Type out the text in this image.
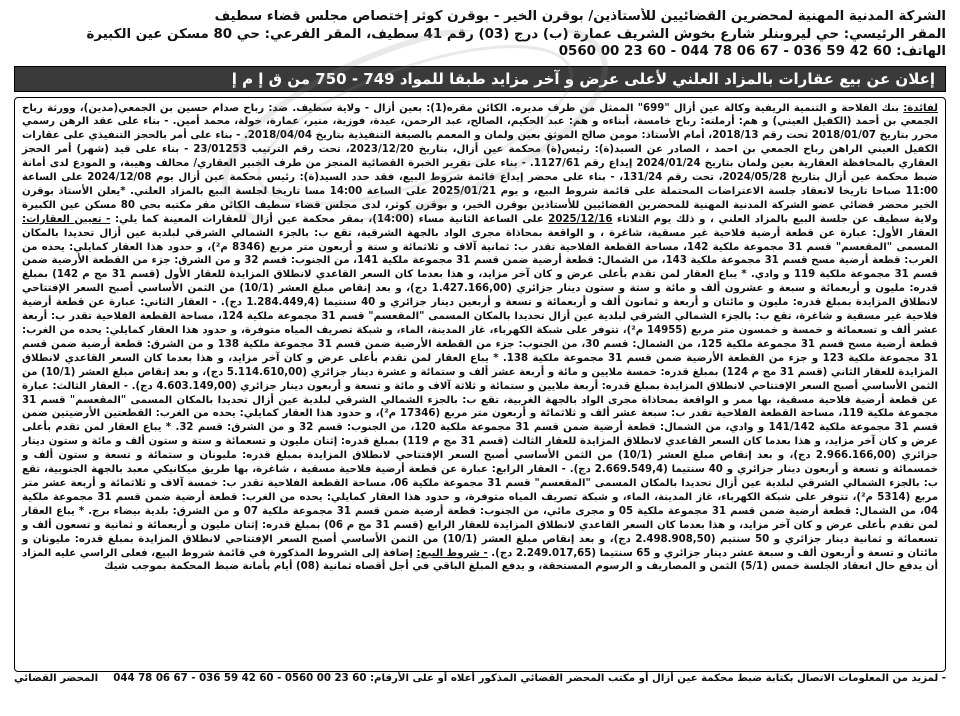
الشركة المدنية المهنية لمحضرين القضائيين للأستاذين/ بوقرن الخير - بوقرن كوثر إختصاص مجلس قضاء سطيف
المقر الرئيسي: حي ليروبنلر شارع بخوش الشريف عمارة (ب) درج (03) رقم 41 سطيف، المقر الفرعي: حي 80 مسكن عين الكبيرة
الهاتف: 60 42 59 036 - 67 06 78 044 - 60 23 00 0560
إعلان عن بيع عقارات بالمزاد العلني لأعلى عرض و آخر مزايد طبقا للمواد 749 - 750 من ق إ م إ
لفائدة: بنك الفلاحة و التنمية الريفية وكالة عين أزال "699" الممثل من طرف مديره. الكائن مقره(1): بعين أزال - ولاية سطيف. ضد: رباح صدام حسين بن الجمعي(مدين)، وورثة رباح الجمعي بن أحمد (الكفيل العيني) و هم: أرملته: رباح خامسة، أبناءه و هم: عبد الحكيم، الصالح، عبد الرحمن، عيدة، فوزية، منير، عمارة، خولة، محمد أمين. - بناء على عقد الرهن رسمي محرر بتاريخ 2018/01/07 تحت رقم 2018/13، أمام الأستاذ: مومن صالح الموثق بعين ولمان و المعمم بالصيغة التنفيذية بتاريخ 2018/04/04. - بناء على أمر بالحجز التنفيذي على عقارات الكفيل العيني الراهن رباح الجمعي بن احمد ، الصادر عن السيد(ة): رئيس(ة) محكمة عين أزال، بتاريخ 2023/12/20، تحت رقم الترتيب 23/01253 - بناء على قيد (شهر) أمر الحجز العقاري بالمحافظة العقارية بعين ولمان بتاريخ 2024/01/24 إيداع رقم 1127/61. - بناء على تقرير الخبرة القضائية المنجز من طرف الخبير العقاري/ محالف وهيبة، و المودع لدى أمانة ضبط محكمة عين أزال بتاريخ 2024/05/28، تحت رقم 131/24، - بناء على محضر إيداع قائمة شروط البيع، فقد حدد السيد(ة): رئيس محكمة عين أزال يوم 2024/12/08 على الساعة 11:00 صباحا تاريخا لانعقاد جلسة الاعتراضات المحتملة على قائمة شروط البيع، و يوم 2025/01/21 على الساعة 14:00 مسا تاريخا لجلسة البيع بالمزاد العلني. *يعلن الأستاذ بوقرن الخير محضر قضائي عضو الشركة المدنية المهنية للمحضرين القضائيين للأستاذين بوقرن الخير، و بوقرن كوثر، لدى مجلس قضاء سطيف الكائن مقر مكتبه بحي 80 مسكن عين الكبيرة ولاية سطيف عن جلسة البيع بالمزاد العلني ، و ذلك يوم الثلاثاء 2025/12/16 على الساعة الثانية مساء (14:00)، بمقر محكمة عين أزال للعقارات المعينة كما يلي: - تعيين العقارات: العقار الأول: عبارة عن قطعة أرضية فلاحية غير مسقية، شاغرة ، و الواقعة بمحاذاة مجرى الواد بالجهة الشرقية، تقع ب: بالجزء الشمالي الشرقي لبلدية عين أزال تحديدا بالمكان المسمى "المقعسم" قسم 31 مجموعة ملكية 142، مساحة القطعة الفلاحية تقدر ب: ثمانية آلاف و ثلاثمائة و ستة و أربعون متر مربع (8346 م²)، و حدود هذا العقار كمايلي: يحده من الغرب: قطعة أرضية مسح قسم 31 مجموعة ملكية 143، من الشمال: قطعة أرضية ضمن قسم 31 مجموعة ملكية 141، من الجنوب: قسم 32 و من الشرق: جزء من القطعة الأرضية ضمن قسم 31 مجموعة ملكية 119 و وادي. * يباع العقار لمن تقدم بأعلى عرض و كان آخر مزايد، و هذا بعدما كان السعر القاعدي لانطلاق المزايدة للعقار الأول (قسم 31 مج م 142) بمبلغ قدره: مليون و أربعمائة و سبعة و عشرون ألف و مائة و ستة و ستون دينار جزائري (1.427.166,00 دج)، و بعد إنقاص مبلغ العشر (10/1) من الثمن الأساسي أصبح السعر الإفتتاحي لانطلاق المزايدة بمبلغ قدره: مليون و مائتان و أربعة و ثمانون ألف و أربعمائة و تسعة و أربعين دينار جزائري و 40 سنتيما (1.284.449,4 دج). - العقار الثاني: عبارة عن قطعة أرضية فلاحية غير مسقية و شاغرة، تقع ب: بالجزء الشمالي الشرقي لبلدية عين أزال تحديدا بالمكان المسمى "المقعسم" قسم 31 مجموعة ملكية 124، مساحة القطعة الفلاحية تقدر ب: أربعة عشر ألف و تسعمائة و خمسة و خمسون متر مربع (14955 م²)، تتوفر على شبكة الكهرباء، غاز المدينة، الماء، و شبكة تصريف المياه متوفرة، و حدود هذا العقار كمايلي: يحده من الغرب: قطعة أرضية مسح قسم 31 مجموعة ملكية 125، من الشمال: قسم 30، من الجنوب: جزء من القطعة الأرضية ضمن قسم 31 مجموعة ملكية 138 و من الشرق: قطعة أرضية ضمن قسم 31 مجموعة ملكية 123 و جزء من القطعة الأرضية ضمن قسم 31 مجموعة ملكية 138. * يباع العقار لمن تقدم بأعلى عرض و كان آخر مزايد، و هذا بعدما كان السعر القاعدي لانطلاق المزايدة للعقار الثاني (قسم 31 مج م 124) بمبلغ قدره: خمسة ملايين و مائة و أربعة عشر ألف و ستمائة و عشرة دينار جزائري (5.114.610,00 دج)، و بعد إنقاص مبلغ العشر (10/1) من الثمن الأساسي أصبح السعر الإفتتاحي لانطلاق المزايدة بمبلغ قدره: أربعة ملايين و ستمائة و ثلاثة آلاف و مائة و تسعة و أربعون دينار جزائري (4.603.149,00 دج). - العقار الثالث: عبارة عن قطعة أرضية فلاحية مسقية، بها ممر و الواقعة بمحاذاة مجرى الواد بالجهة الغربية، تقع ب: بالجزء الشمالي الشرقي لبلدية عين أزال تحديدا بالمكان المسمى "المقعسم" قسم 31 مجموعة ملكية 119، مساحة القطعة الفلاحية تقدر ب: سبعة عشر ألف و ثلاثمائة و أربعون متر مربع (17346 م²)، و حدود هذا العقار كمايلي: يحده من الغرب: القطعتين الأرضيتين ضمن قسم 31 مجموعة ملكية 141/142 و وادي، من الشمال: قطعة أرضية ضمن قسم 31 مجموعة ملكية 120، من الجنوب: قسم 32 و من الشرق: قسم 32. * يباع العقار لمن تقدم بأعلى عرض و كان آخر مزايد، و هذا بعدما كان السعر القاعدي لانطلاق المزايدة للعقار الثالث (قسم 31 مج م 119) بمبلغ قدره: إثنان مليون و تسعمائة و ستة و ستون ألف و مائة و ستون دينار جزائري (2.966.166,00 دج)، و بعد إنقاص مبلغ العشر (10/1) من الثمن الأساسي أصبح السعر الإفتتاحي لانطلاق المزايدة بمبلغ قدره: مليونان و ستمائة و تسعة و ستون ألف و خمسمائة و تسعة و أربعون دينار جزائري و 40 سنتيما (2.669.549,4 دج). - العقار الرابع: عبارة عن قطعة أرضية فلاحية مسقية ، شاغرة، بها طريق ميكانيكي معبد بالجهة الجنوبية، تقع ب: بالجزء الشمالي الشرقي لبلدية عين أزال تحديدا بالمكان المسمى "المقعسم" قسم 31 مجموعة ملكية 06، مساحة القطعة الفلاحية تقدر ب: خمسة آلاف و ثلاثمائة و أربعة عشر متر مربع (5314 م²)، تتوفر على شبكة الكهرباء، غاز المدينة، الماء، و شبكة تصريف المياه متوفرة، و حدود هذا العقار كمايلي: يحده من الغرب: قطعة أرضية ضمن قسم 31 مجموعة ملكية 04، من الشمال: قطعة أرضية ضمن قسم 31 مجموعة ملكية 05 و مجرى مائي، من الجنوب: قطعة أرضية ضمن قسم 31 مجموعة ملكية 07 و من الشرق: بلدية بيضاء برج. * يباع العقار لمن تقدم بأعلى عرض و كان آخر مزايد، و هذا بعدما كان السعر القاعدي لانطلاق المزايدة للعقار الرابع (قسم 31 مج م 06) بمبلغ قدره: إثنان مليون و أربعمائة و ثمانية و تسعون ألف و تسعمائة و ثمانية دينار جزائري و 50 سنتيم (2.498.908,50 دج)، و بعد إنقاص مبلغ العشر (10/1) من الثمن الأساسي أصبح السعر الإفتتاحي لانطلاق المزايدة بمبلغ قدره: مليونان و مائتان و تسعة و أربعون ألف و سبعة عشر دينار جزائري و 65 سنتيما (2.249.017,65 دج). - شروط البيع: إضافة إلى الشروط المذكورة في قائمة شروط البيع، فعلى الراسي عليه المزاد أن يدفع حال انعقاد الجلسة خمس (5/1) الثمن و المصاريف و الرسوم المستحقة، و يدفع المبلغ الباقي في أجل أقصاه ثمانية (08) أيام بأمانة ضبط المحكمة بموجب شيك
المحضر القضائي - لمزيد من المعلومات الاتصال بكتابة ضبط محكمة عين أزال أو مكتب المحضر القضائي المذكور أعلاه أو على الأرقام: 60 23 00 0560 - 60 42 59 036 - 67 06 78 044
